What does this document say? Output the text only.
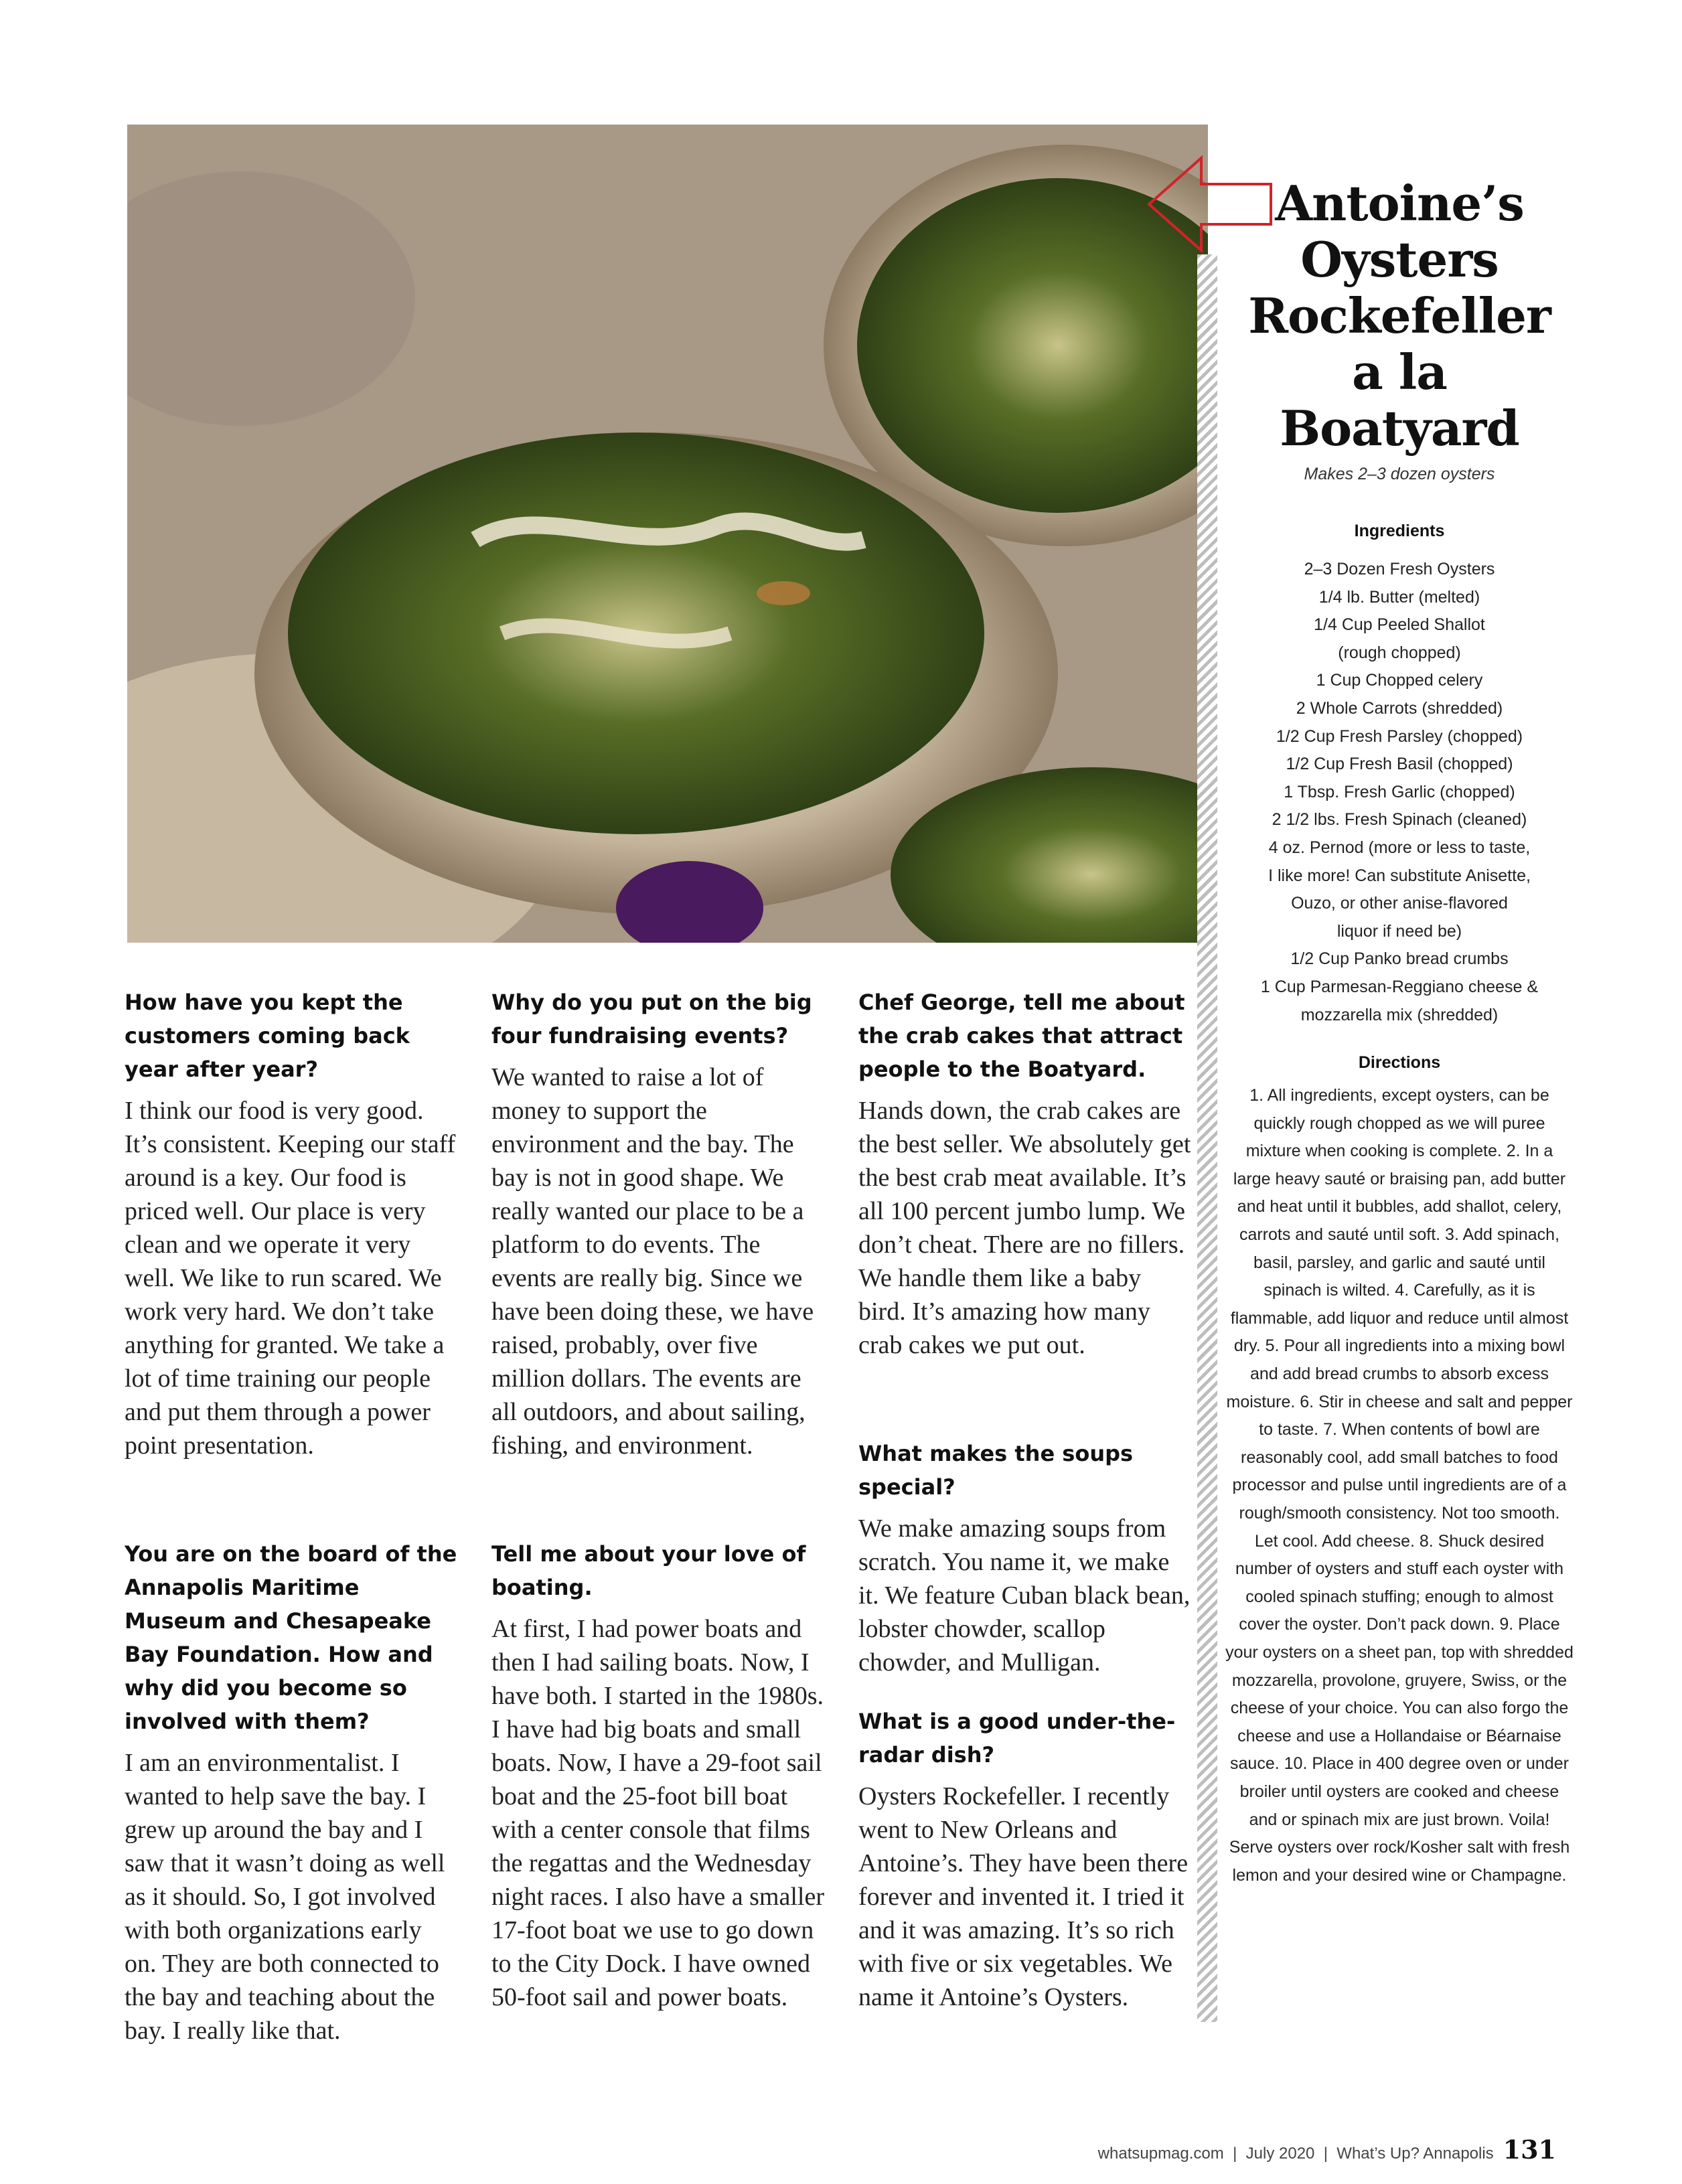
Antoine’s
Oysters
Rockefeller
a la
Boatyard
Makes 2–3 dozen oysters
Ingredients
2–3 Dozen Fresh Oysters
1/4 lb. Butter (melted)
1/4 Cup Peeled Shallot
(rough chopped)
1 Cup Chopped celery
2 Whole Carrots (shredded)
1/2 Cup Fresh Parsley (chopped)
1/2 Cup Fresh Basil (chopped)
1 Tbsp. Fresh Garlic (chopped)
2 1/2 lbs. Fresh Spinach (cleaned)
4 oz. Pernod (more or less to taste,
I like more! Can substitute Anisette,
Ouzo, or other anise-flavored
liquor if need be)
1/2 Cup Panko bread crumbs
1 Cup Parmesan-Reggiano cheese &
mozzarella mix (shredded)
Directions

1. All ingredients, except oysters, can be quickly rough chopped as we will puree mixture when cooking is complete. 2. In a large heavy sauté or braising pan, add butter and heat until it bubbles, add shallot, celery, carrots and sauté until soft. 3. Add spinach, basil, parsley, and garlic and sauté until spinach is wilted. 4. Carefully, as it is flammable, add liquor and reduce until almost dry. 5. Pour all ingredients into a mixing bowl and add bread crumbs to absorb excess moisture. 6. Stir in cheese and salt and pepper to taste. 7. When contents of bowl are reasonably cool, add small batches to food processor and pulse until ingredients are of a rough/smooth consistency. Not too smooth. Let cool. Add cheese. 8. Shuck desired number of oysters and stuff each oyster with cooled spinach stuffing; enough to almost cover the oyster. Don’t pack down. 9. Place your oysters on a sheet pan, top with shredded mozzarella, provolone, gruyere, Swiss, or the cheese of your choice. You can also forgo the cheese and use a Hollandaise or Béarnaise sauce. 10. Place in 400 degree oven or under broiler until oysters are cooked and cheese and or spinach mix are just brown. Voila! Serve oysters over rock/Kosher salt with fresh lemon and your desired wine or Champagne.

How have you kept the customers coming back year after year?

I think our food is very good. It’s consistent. Keeping our staff around is a key. Our food is priced well. Our place is very clean and we operate it very well. We like to run scared. We work very hard. We don’t take anything for granted. We take a lot of time training our people and put them through a power point presentation.

You are on the board of the Annapolis Maritime Museum and Chesapeake Bay Foundation. How and why did you become so involved with them?

I am an environmentalist. I wanted to help save the bay. I grew up around the bay and I saw that it wasn’t doing as well as it should. So, I got involved with both organizations early on. They are both connected to the bay and teaching about the bay. I really like that.

Why do you put on the big four fundraising events?

We wanted to raise a lot of money to support the environment and the bay. The bay is not in good shape. We really wanted our place to be a platform to do events. The events are really big. Since we have been doing these, we have raised, probably, over five million dollars. The events are all outdoors, and about sailing, fishing, and environment.

Tell me about your love of boating.

At first, I had power boats and then I had sailing boats. Now, I have both. I started in the 1980s. I have had big boats and small boats. Now, I have a 29-foot sail boat and the 25-foot bill boat with a center console that films the regattas and the Wednesday night races. I also have a smaller 17-foot boat we use to go down to the City Dock. I have owned 50-foot sail and power boats.

Chef George, tell me about the crab cakes that attract people to the Boatyard.

Hands down, the crab cakes are the best seller. We absolutely get the best crab meat available. It’s all 100 percent jumbo lump. We don’t cheat. There are no fillers. We handle them like a baby bird. It’s amazing how many crab cakes we put out.

What makes the soups special?

We make amazing soups from scratch. You name it, we make it. We feature Cuban black bean, lobster chowder, scallop chowder, and Mulligan.

What is a good under-the-radar dish?

Oysters Rockefeller. I recently went to New Orleans and Antoine’s. They have been there forever and invented it. I tried it and it was amazing. It’s so rich with five or six vegetables. We name it Antoine’s Oysters.

whatsupmag.com  |  July 2020  |  What’s Up? Annapolis 131
